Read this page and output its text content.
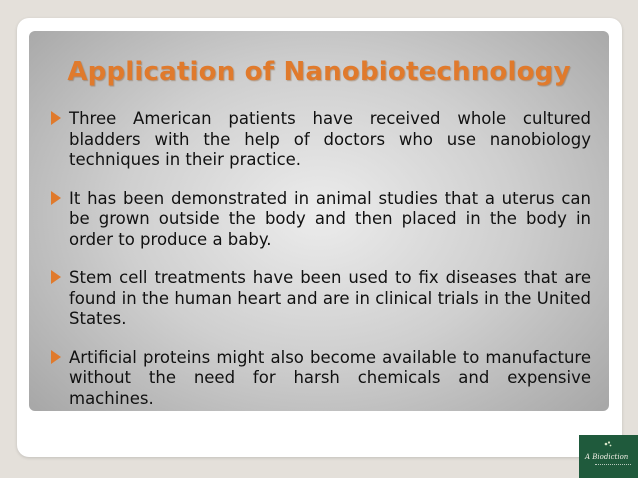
Application of Nanobiotechnology
Three American patients have received whole cultured bladders with the help of doctors who use nanobiology techniques in their practice.
It has been demonstrated in animal studies that a uterus can be grown outside the body and then placed in the body in order to produce a baby.
Stem cell treatments have been used to fix diseases that are found in the human heart and are in clinical trials in the United States.
Artificial proteins might also become available to manufacture without the need for harsh chemicals and expensive machines.
A Biodiction
